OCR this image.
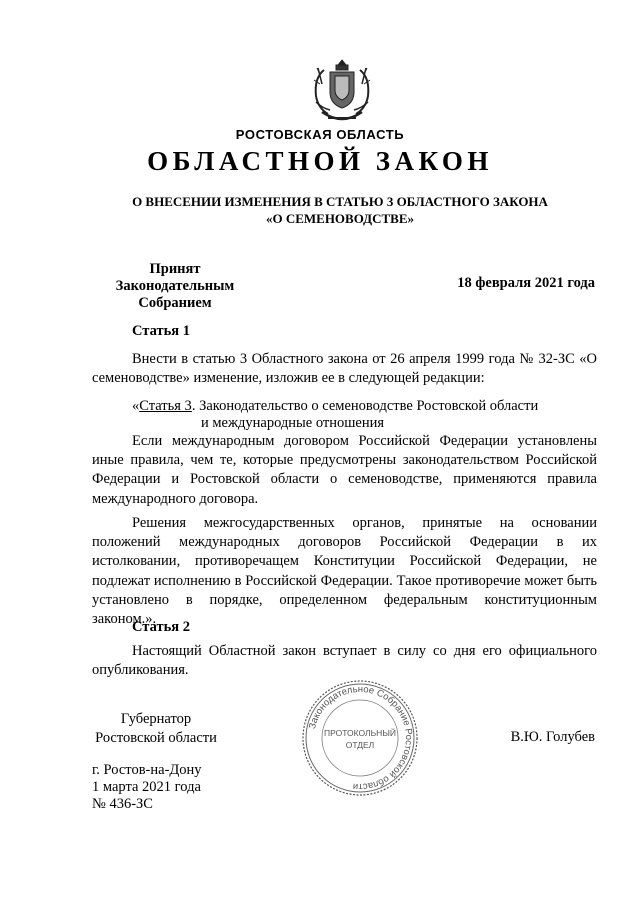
РОСТОВСКАЯ ОБЛАСТЬ
ОБЛАСТНОЙ ЗАКОН
О ВНЕСЕНИИ ИЗМЕНЕНИЯ В СТАТЬЮ 3 ОБЛАСТНОГО ЗАКОНА
«О СЕМЕНОВОДСТВЕ»
Принят
Законодательным Собранием
18 февраля 2021 года
Статья 1
Внести в статью 3 Областного закона от 26 апреля 1999 года № 32-ЗС «О семеноводстве» изменение, изложив ее в следующей редакции:
«Статья 3. Законодательство о семеноводстве Ростовской области
и международные отношения
Если международным договором Российской Федерации установлены иные правила, чем те, которые предусмотрены законодательством Российской Федерации и Ростовской области о семеноводстве, применяются правила международного договора.
Решения межгосударственных органов, принятые на основании положений международных договоров Российской Федерации в их истолковании, противоречащем Конституции Российской Федерации, не подлежат исполнению в Российской Федерации. Такое противоречие может быть установлено в порядке, определенном федеральным конституционным законом.».
Статья 2
Настоящий Областной закон вступает в силу со дня его официального опубликования.
Губернатор
Ростовской области	В.Ю. Голубев
Законодательное Собрание Ростовской области
ПРОТОКОЛЬНЫЙ
ОТДЕЛ
г. Ростов-на-Дону
1 марта 2021 года
№ 436-ЗС
